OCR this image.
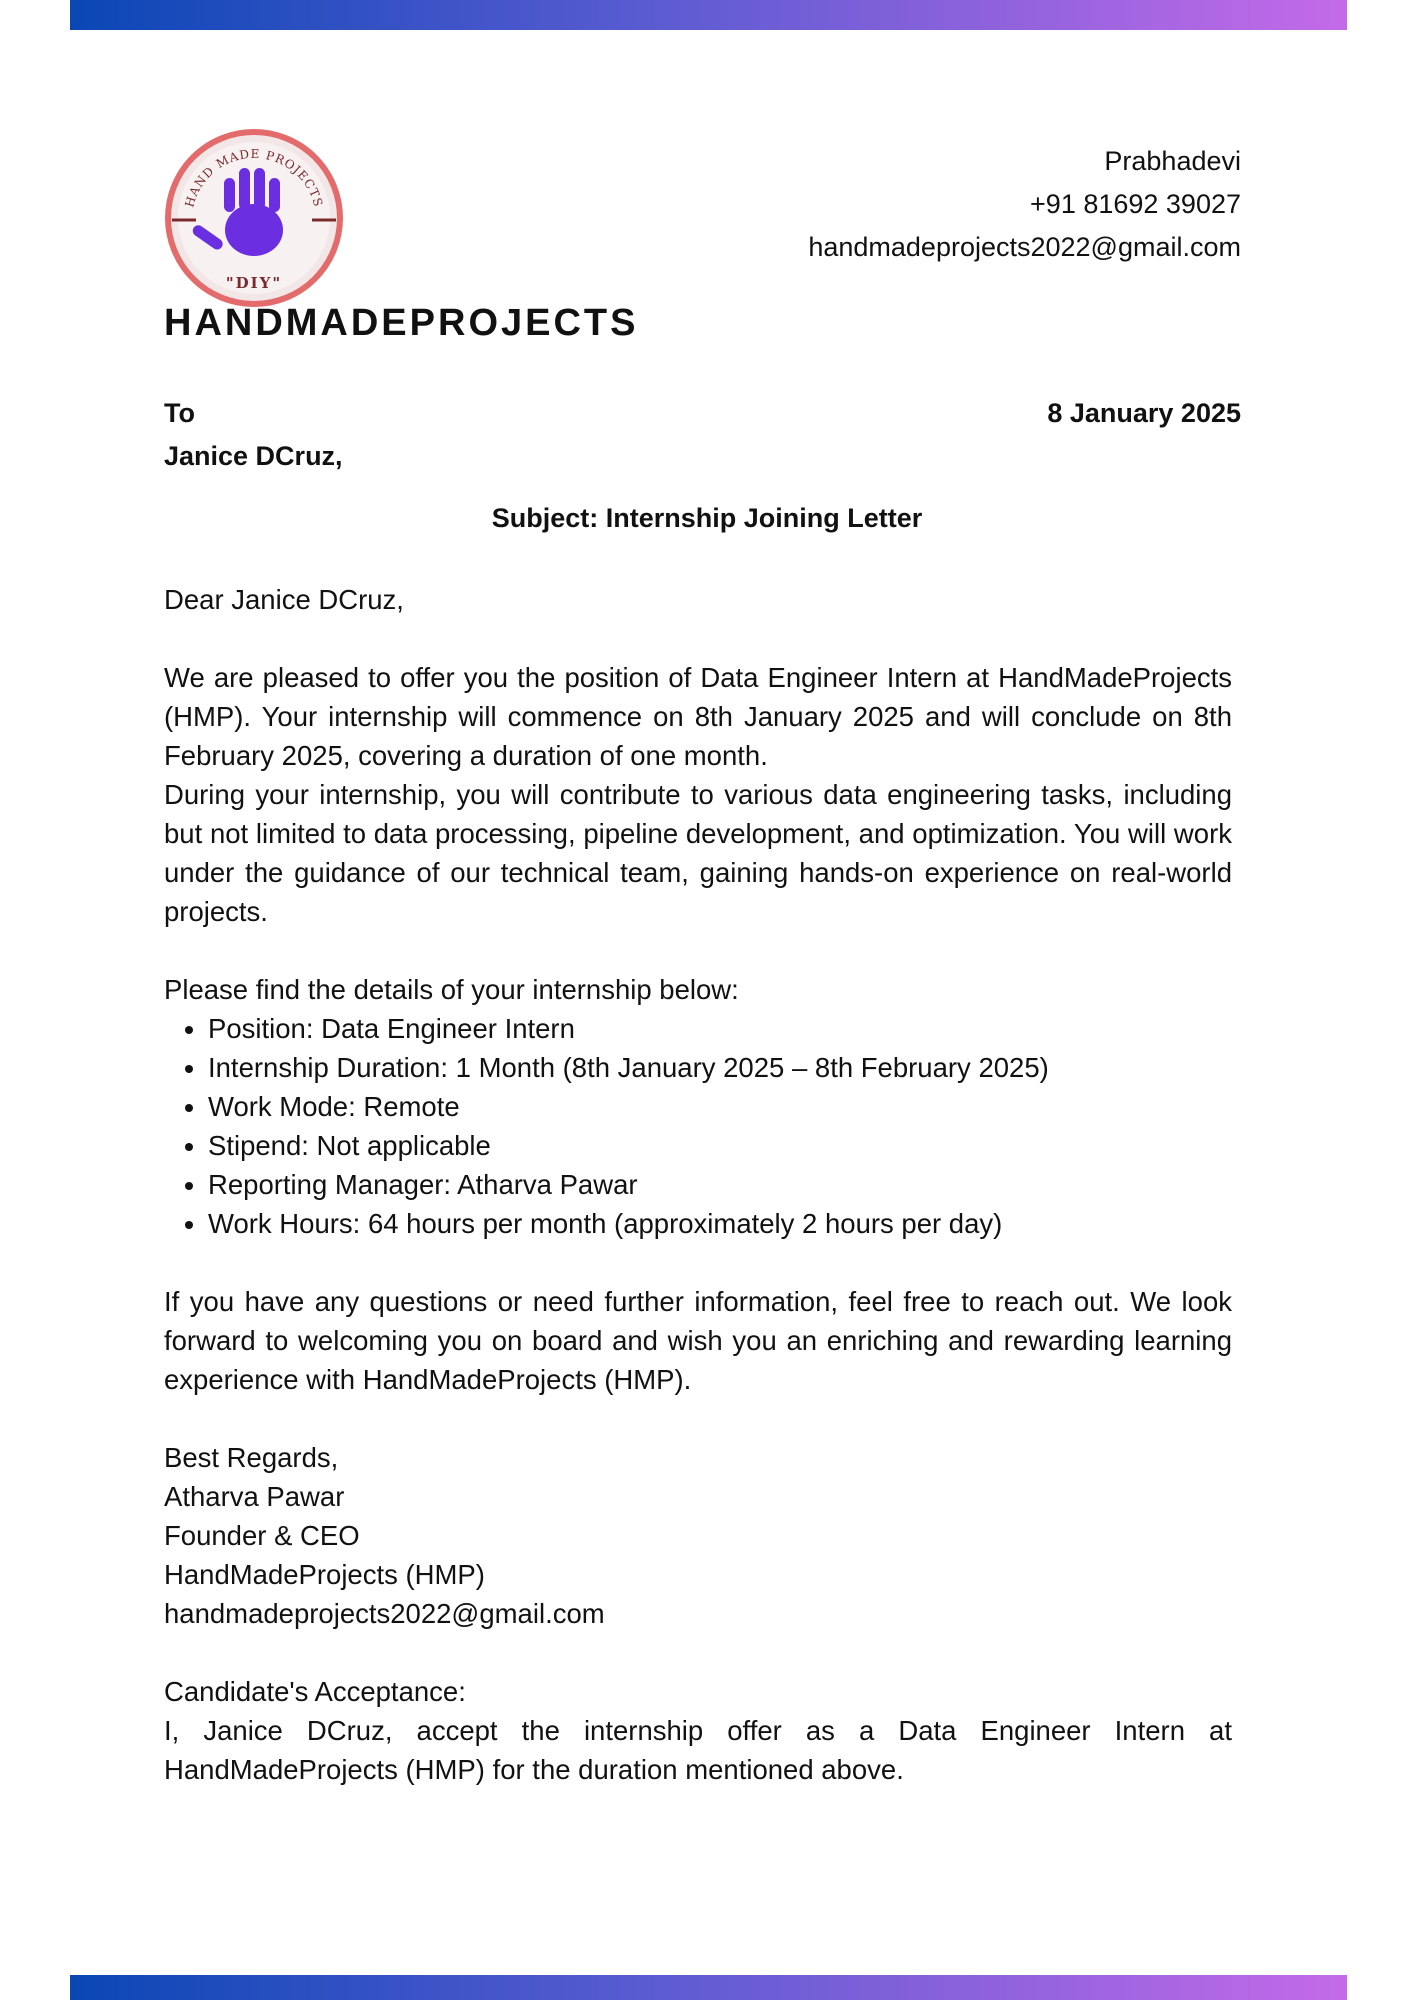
HAND MADE PROJECTS
"DIY"
HANDMADEPROJECTS
Prabhadevi
+91 81692 39027
handmadeprojects2022@gmail.com
To
Janice DCruz,
8 January 2025
Subject: Internship Joining Letter

Dear Janice DCruz,

We are pleased to offer you the position of Data Engineer Intern at HandMadeProjects (HMP). Your internship will commence on 8th January 2025 and will conclude on 8th February 2025, covering a duration of one month.

During your internship, you will contribute to various data engineering tasks, including but not limited to data processing, pipeline development, and optimization. You will work under the guidance of our technical team, gaining hands-on experience on real-world projects.

Please find the details of your internship below:

• Position: Data Engineer Intern
• Internship Duration: 1 Month (8th January 2025 – 8th February 2025)
• Work Mode: Remote
• Stipend: Not applicable
• Reporting Manager: Atharva Pawar
• Work Hours: 64 hours per month (approximately 2 hours per day)

If you have any questions or need further information, feel free to reach out. We look forward to welcoming you on board and wish you an enriching and rewarding learning experience with HandMadeProjects (HMP).

Best Regards,
Atharva Pawar
Founder & CEO
HandMadeProjects (HMP)
handmadeprojects2022@gmail.com

Candidate's Acceptance:

I, Janice DCruz, accept the internship offer as a Data Engineer Intern at HandMadeProjects (HMP) for the duration mentioned above.
